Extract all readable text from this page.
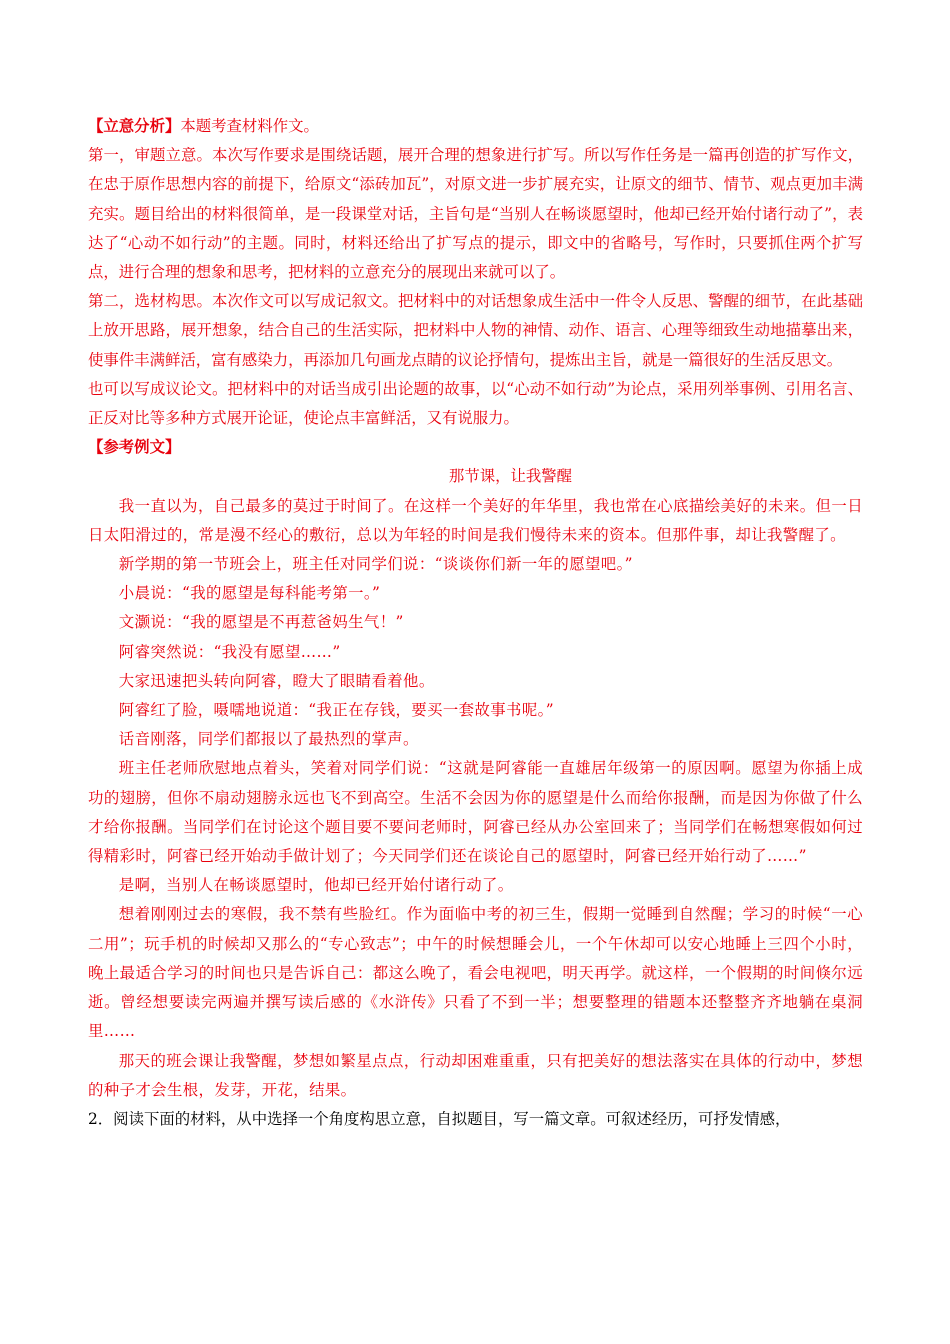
【立意分析】本题考查材料作文。

第一，审题立意。本次写作要求是围绕话题，展开合理的想象进行扩写。所以写作任务是一篇再创造的扩写作文，在忠于原作思想内容的前提下，给原文“添砖加瓦”，对原文进一步扩展充实，让原文的细节、情节、观点更加丰满充实。题目给出的材料很简单，是一段课堂对话，主旨句是“当别人在畅谈愿望时，他却已经开始付诸行动了”，表达了“心动不如行动”的主题。同时，材料还给出了扩写点的提示，即文中的省略号，写作时，只要抓住两个扩写点，进行合理的想象和思考，把材料的立意充分的展现出来就可以了。

第二，选材构思。本次作文可以写成记叙文。把材料中的对话想象成生活中一件令人反思、警醒的细节，在此基础上放开思路，展开想象，结合自己的生活实际，把材料中人物的神情、动作、语言、心理等细致生动地描摹出来，使事件丰满鲜活，富有感染力，再添加几句画龙点睛的议论抒情句，提炼出主旨，就是一篇很好的生活反思文。

也可以写成议论文。把材料中的对话当成引出论题的故事，以“心动不如行动”为论点，采用列举事例、引用名言、正反对比等多种方式展开论证，使论点丰富鲜活，又有说服力。

【参考例文】

那节课，让我警醒

我一直以为，自己最多的莫过于时间了。在这样一个美好的年华里，我也常在心底描绘美好的未来。但一日日太阳滑过的，常是漫不经心的敷衍，总以为年轻的时间是我们慢待未来的资本。但那件事，却让我警醒了。

新学期的第一节班会上，班主任对同学们说：“谈谈你们新一年的愿望吧。”

小晨说：“我的愿望是每科能考第一。”

文灏说：“我的愿望是不再惹爸妈生气！”

阿睿突然说：“我没有愿望……”

大家迅速把头转向阿睿，瞪大了眼睛看着他。

阿睿红了脸，嗫嚅地说道：“我正在存钱，要买一套故事书呢。”

话音刚落，同学们都报以了最热烈的掌声。

班主任老师欣慰地点着头，笑着对同学们说：“这就是阿睿能一直雄居年级第一的原因啊。愿望为你插上成功的翅膀，但你不扇动翅膀永远也飞不到高空。生活不会因为你的愿望是什么而给你报酬，而是因为你做了什么才给你报酬。当同学们在讨论这个题目要不要问老师时，阿睿已经从办公室回来了；当同学们在畅想寒假如何过得精彩时，阿睿已经开始动手做计划了；今天同学们还在谈论自己的愿望时，阿睿已经开始行动了……”

是啊，当别人在畅谈愿望时，他却已经开始付诸行动了。

想着刚刚过去的寒假，我不禁有些脸红。作为面临中考的初三生，假期一觉睡到自然醒；学习的时候“一心二用”；玩手机的时候却又那么的“专心致志”；中午的时候想睡会儿，一个午休却可以安心地睡上三四个小时，晚上最适合学习的时间也只是告诉自己：都这么晚了，看会电视吧，明天再学。就这样，一个假期的时间倏尔远逝。曾经想要读完两遍并撰写读后感的《水浒传》只看了不到一半；想要整理的错题本还整整齐齐地躺在桌洞里……

那天的班会课让我警醒，梦想如繁星点点，行动却困难重重，只有把美好的想法落实在具体的行动中，梦想的种子才会生根，发芽，开花，结果。

2．阅读下面的材料，从中选择一个角度构思立意，自拟题目，写一篇文章。可叙述经历，可抒发情感，
